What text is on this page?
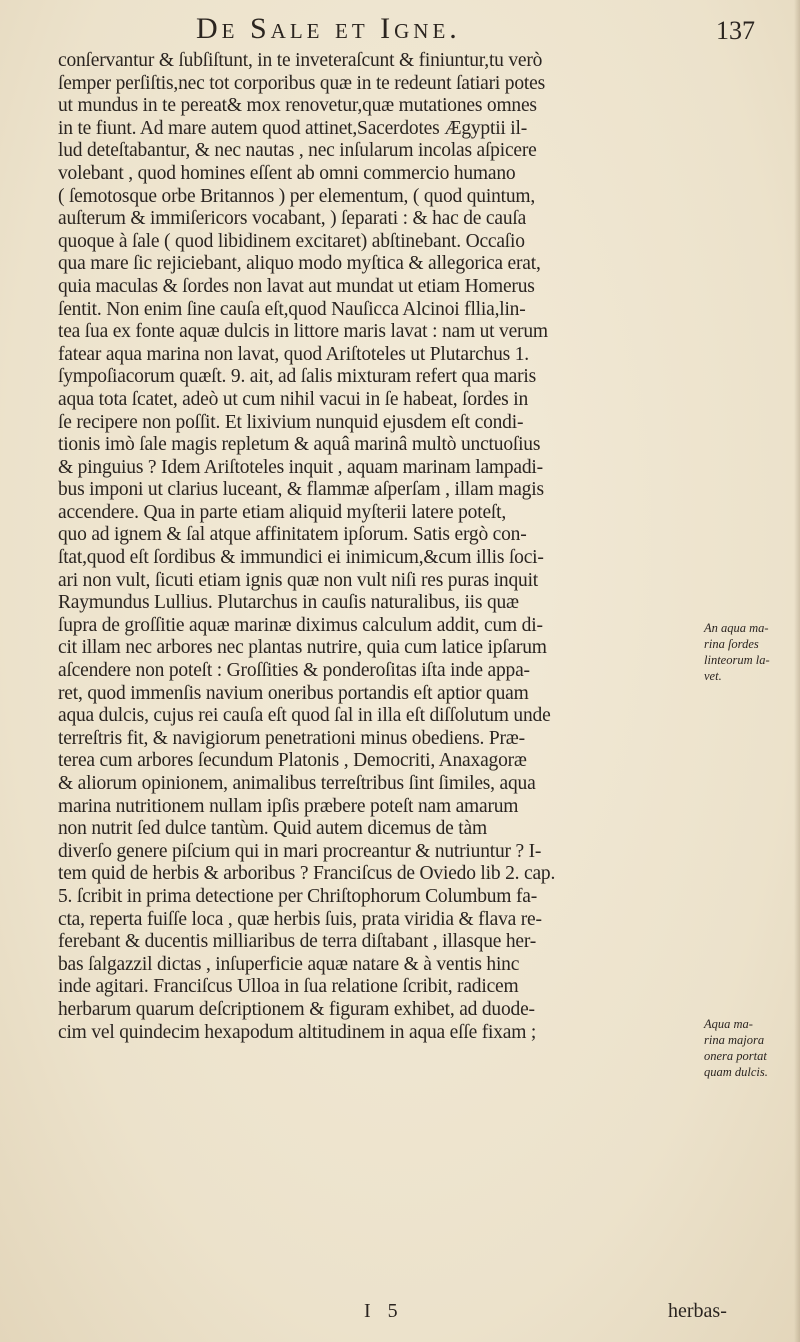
De Sale et Igne.	137
conſervantur & ſubſiſtunt, in te inveteraſcunt & finiuntur,tu verò
ſemper perſiſtis,nec tot corporibus quæ in te redeunt ſatiari potes
ut mundus in te pereat& mox renovetur,quæ mutationes omnes
in te fiunt. Ad mare autem quod attinet,Sacerdotes Ægyptii il-
lud deteſtabantur, & nec nautas , nec inſularum incolas aſpicere
volebant , quod homines eſſent ab omni commercio humano
( ſemotosque orbe Britannos ) per elementum, ( quod quintum,
auſterum & immiſericors vocabant, ) ſeparati : & hac de cauſa
quoque à ſale ( quod libidinem excitaret) abſtinebant. Occaſio
qua mare ſic rejiciebant, aliquo modo myſtica & allegorica erat,
quia maculas & ſordes non lavat aut mundat ut etiam Homerus
ſentit. Non enim ſine cauſa eſt,quod Nauſicca Alcinoi fllia,lin-
tea ſua ex fonte aquæ dulcis in littore maris lavat : nam ut verum
fatear aqua marina non lavat, quod Ariſtoteles ut Plutarchus 1.
ſympoſiacorum quæſt. 9. ait, ad ſalis mixturam refert qua maris
aqua tota ſcatet, adeò ut cum nihil vacui in ſe habeat, ſordes in
ſe recipere non poſſit. Et lixivium nunquid ejusdem eſt condi-
tionis imò ſale magis repletum & aquâ marinâ multò unctuoſius
& pinguius ? Idem Ariſtoteles inquit , aquam marinam lampadi-
bus imponi ut clarius luceant, & flammæ aſperſam , illam magis
accendere. Qua in parte etiam aliquid myſterii latere poteſt,
quo ad ignem & ſal atque affinitatem ipſorum. Satis ergò con-
ſtat,quod eſt ſordibus & immundici ei inimicum,&cum illis ſoci-
ari non vult, ſicuti etiam ignis quæ non vult niſi res puras inquit
Raymundus Lullius. Plutarchus in cauſis naturalibus, iis quæ
ſupra de groſſitie aquæ marinæ diximus calculum addit, cum di-
cit illam nec arbores nec plantas nutrire, quia cum latice ipſarum
aſcendere non poteſt : Groſſities & ponderoſitas iſta inde appa-
ret, quod immenſis navium oneribus portandis eſt aptior quam
aqua dulcis, cujus rei cauſa eſt quod ſal in illa eſt diſſolutum unde
terreſtris fit, & navigiorum penetrationi minus obediens. Præ-
terea cum arbores ſecundum Platonis , Democriti, Anaxagoræ
& aliorum opinionem, animalibus terreſtribus ſint ſimiles, aqua
marina nutritionem nullam ipſis præbere poteſt nam amarum
non nutrit ſed dulce tantùm. Quid autem dicemus de tàm
diverſo genere piſcium qui in mari procreantur & nutriuntur ? I-
tem quid de herbis & arboribus ? Franciſcus de Oviedo lib 2. cap.
5. ſcribit in prima detectione per Chriſtophorum Columbum fa-
cta, reperta fuiſſe loca , quæ herbis ſuis, prata viridia & flava re-
ferebant & ducentis milliaribus de terra diſtabant , illasque her-
bas ſalgazzil dictas , inſuperficie aquæ natare & à ventis hinc
inde agitari. Franciſcus Ulloa in ſua relatione ſcribit, radicem
herbarum quarum deſcriptionem & figuram exhibet, ad duode-
cim vel quindecim hexapodum altitudinem in aqua eſſe fixam ;
An aqua ma-
rina ſordes
linteorum la-
vet.
Aqua ma-
rina majora
onera portat
quam dulcis.
I 5	herbas-
